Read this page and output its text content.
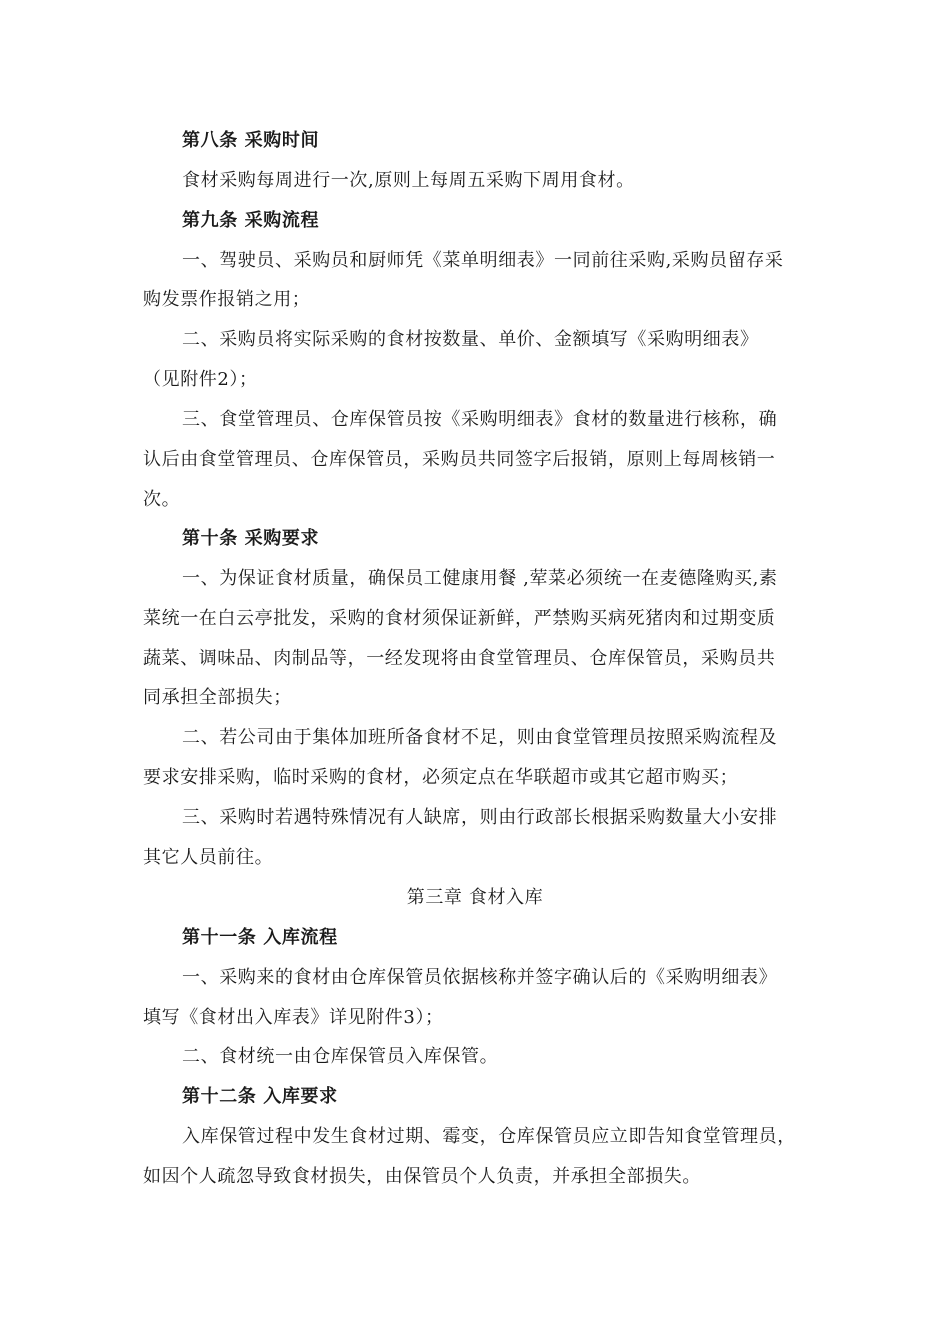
第八条 采购时间
食材采购每周进行一次,原则上每周五采购下周用食材。
第九条 采购流程
一、驾驶员、采购员和厨师凭《菜单明细表》一同前往采购,采购员留存采
购发票作报销之用；
二、采购员将实际采购的食材按数量、单价、金额填写《采购明细表》
（见附件2）；
三、食堂管理员、仓库保管员按《采购明细表》食材的数量进行核称，确
认后由食堂管理员、仓库保管员，采购员共同签字后报销，原则上每周核销一
次。
第十条 采购要求
一、为保证食材质量，确保员工健康用餐 ,荤菜必须统一在麦德隆购买,素
菜统一在白云亭批发，采购的食材须保证新鲜，严禁购买病死猪肉和过期变质
蔬菜、调味品、肉制品等，一经发现将由食堂管理员、仓库保管员，采购员共
同承担全部损失；
二、若公司由于集体加班所备食材不足，则由食堂管理员按照采购流程及
要求安排采购，临时采购的食材，必须定点在华联超市或其它超市购买；
三、采购时若遇特殊情况有人缺席，则由行政部长根据采购数量大小安排
其它人员前往。
第三章 食材入库
第十一条 入库流程
一、采购来的食材由仓库保管员依据核称并签字确认后的《采购明细表》
填写《食材出入库表》详见附件3）；
二、食材统一由仓库保管员入库保管。
第十二条 入库要求
入库保管过程中发生食材过期、霉变，仓库保管员应立即告知食堂管理员，
如因个人疏忽导致食材损失，由保管员个人负责，并承担全部损失。
